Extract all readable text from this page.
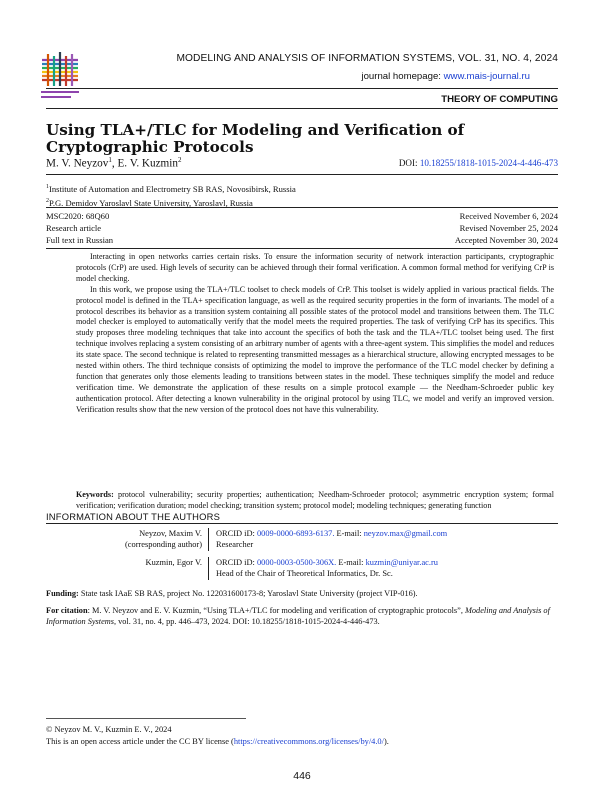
MODELING AND ANALYSIS OF INFORMATION SYSTEMS, VOL. 31, NO. 4, 2024
journal homepage: www.mais-journal.ru
THEORY OF COMPUTING
Using TLA+/TLC for Modeling and Verification of Cryptographic Protocols
M. V. Neyzov$^1$, E. V. Kuzmin$^2$	DOI: 10.18255/1818-1015-2024-4-446-473
$^1$Institute of Automation and Electrometry SB RAS, Novosibirsk, Russia
$^2$P.G. Demidov Yaroslavl State University, Yaroslavl, Russia
MSC2020: 68Q60
Research article
Full text in Russian
Received November 6, 2024
Revised November 25, 2024
Accepted November 30, 2024

Interacting in open networks carries certain risks. To ensure the information security of network interaction participants, cryptographic protocols (CrP) are used. High levels of security can be achieved through their formal verification. A common formal method for verifying CrP is model checking.

In this work, we propose using the TLA+/TLC toolset to check models of CrP. This toolset is widely applied in various practical fields. The protocol model is defined in the TLA+ specification language, as well as the required security properties in the form of invariants. The model of a protocol describes its behavior as a transition system containing all possible states of the protocol model and transitions between them. The TLC model checker is employed to automatically verify that the model meets the required properties. The task of verifying CrP has its specifics. This study proposes three modeling techniques that take into account the specifics of both the task and the TLA+/TLC toolset being used. The first technique involves replacing a system consisting of an arbitrary number of agents with a three-agent system. This simplifies the model and reduces its state space. The second technique is related to representing transmitted messages as a hierarchical structure, allowing encrypted messages to be nested within others. The third technique consists of optimizing the model to improve the performance of the TLC model checker by defining a function that generates only those elements leading to transitions between states in the model. These techniques simplify the model and reduce verification time. We demonstrate the application of these results on a simple protocol example — the Needham-Schroeder public key authentication protocol. After detecting a known vulnerability in the original protocol by using TLC, we model and verify an improved version. Verification results show that the new version of the protocol does not have this vulnerability.

Keywords: protocol vulnerability; security properties; authentication; Needham-Schroeder protocol; asymmetric encryption system; formal verification; verification duration; model checking; transition system; protocol model; modeling techniques; generating function
INFORMATION ABOUT THE AUTHORS
Neyzov, Maxim V.
(corresponding author)
ORCID iD: 0009-0000-6893-6137. E-mail: neyzov.max@gmail.com
Researcher
Kuzmin, Egor V. ORCID iD: 0000-0003-0500-306X. E-mail: kuzmin@uniyar.ac.ru
Head of the Chair of Theoretical Informatics, Dr. Sc.
Funding: State task IAaE SB RAS, project No. 122031600173-8; Yaroslavl State University (project VIP-016).
For citation: M. V. Neyzov and E. V. Kuzmin, “Using TLA+/TLC for modeling and verification of cryptographic protocols”, Modeling and Analysis of Information Systems, vol. 31, no. 4, pp. 446–473, 2024. DOI: 10.18255/1818-1015-2024-4-446-473.
© Neyzov M. V., Kuzmin E. V., 2024
This is an open access article under the CC BY license (https://creativecommons.org/licenses/by/4.0/).
446
